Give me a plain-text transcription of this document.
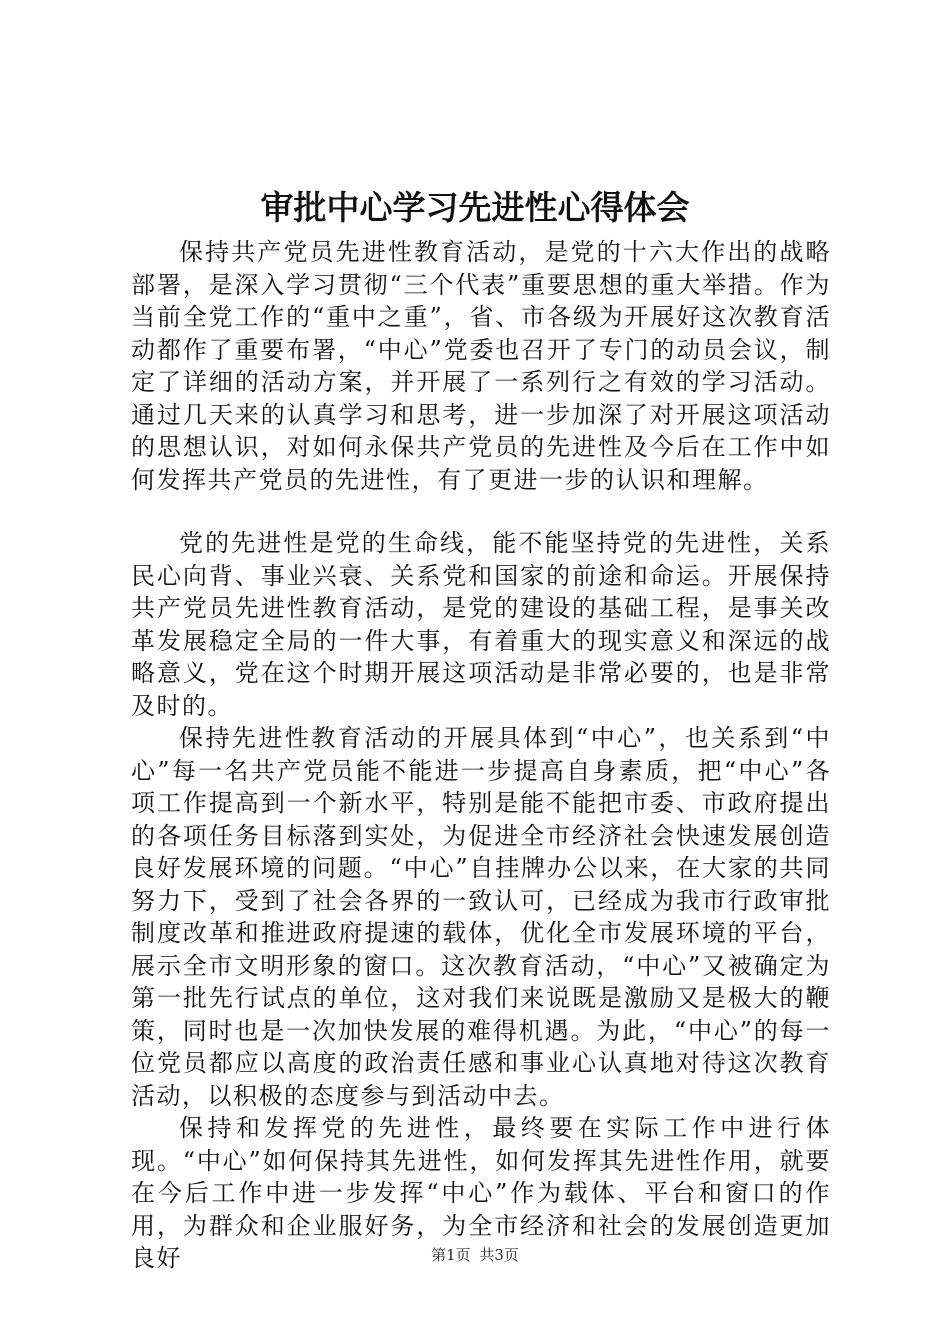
审批中心学习先进性心得体会

保持共产党员先进性教育活动，是党的十六大作出的战略部署，是深入学习贯彻“三个代表”重要思想的重大举措。作为当前全党工作的“重中之重”，省、市各级为开展好这次教育活动都作了重要布署，“中心”党委也召开了专门的动员会议，制定了详细的活动方案，并开展了一系列行之有效的学习活动。通过几天来的认真学习和思考，进一步加深了对开展这项活动的思想认识，对如何永保共产党员的先进性及今后在工作中如何发挥共产党员的先进性，有了更进一步的认识和理解。

党的先进性是党的生命线，能不能坚持党的先进性，关系民心向背、事业兴衰、关系党和国家的前途和命运。开展保持共产党员先进性教育活动，是党的建设的基础工程，是事关改革发展稳定全局的一件大事，有着重大的现实意义和深远的战略意义，党在这个时期开展这项活动是非常必要的，也是非常及时的。

保持先进性教育活动的开展具体到“中心”，也关系到“中心”每一名共产党员能不能进一步提高自身素质，把“中心”各项工作提高到一个新水平，特别是能不能把市委、市政府提出的各项任务目标落到实处，为促进全市经济社会快速发展创造良好发展环境的问题。“中心”自挂牌办公以来，在大家的共同努力下，受到了社会各界的一致认可，已经成为我市行政审批制度改革和推进政府提速的载体，优化全市发展环境的平台，展示全市文明形象的窗口。这次教育活动，“中心”又被确定为第一批先行试点的单位，这对我们来说既是激励又是极大的鞭策，同时也是一次加快发展的难得机遇。为此，“中心”的每一位党员都应以高度的政治责任感和事业心认真地对待这次教育活动，以积极的态度参与到活动中去。

保持和发挥党的先进性，最终要在实际工作中进行体现。“中心”如何保持其先进性，如何发挥其先进性作用，就要在今后工作中进一步发挥“中心”作为载体、平台和窗口的作用，为群众和企业服好务，为全市经济和社会的发展创造更加良好	第1页 共3页
